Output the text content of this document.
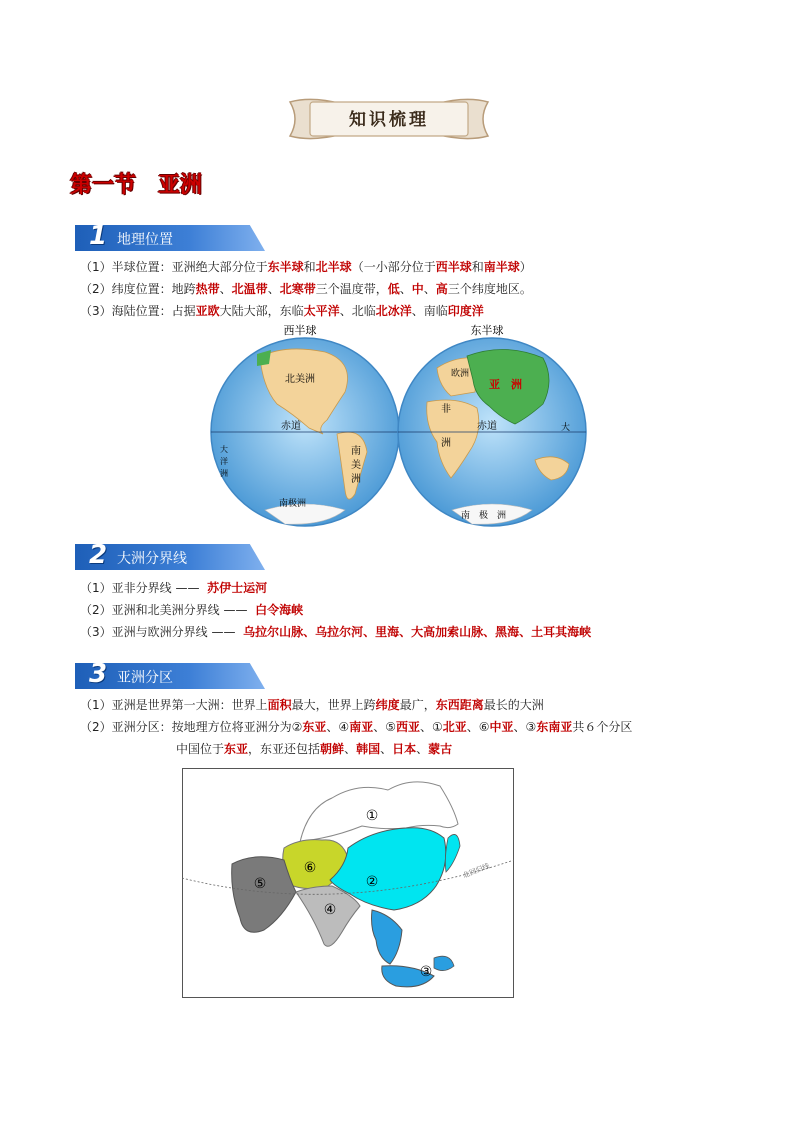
知识梳理
第一节　亚洲
1 地理位置
（1）半球位置：亚洲绝大部分位于东半球和北半球（一小部分位于西半球和南半球）
（2）纬度位置：地跨热带、北温带、北寒带三个温度带，低、中、高三个纬度地区。
（3）海陆位置：占据亚欧大陆大部，东临太平洋、北临北冰洋、南临印度洋
西半球	东半球
北美洲
南
美
洲
赤道
大
洋
洲
南极洲
欧洲
亚　洲
非
洲
赤道	大
南　极　洲
2 大洲分界线
（1）亚非分界线 —— 苏伊士运河
（2）亚洲和北美洲分界线 —— 白令海峡
（3）亚洲与欧洲分界线 —— 乌拉尔山脉、乌拉尔河、里海、大高加索山脉、黑海、土耳其海峡
3 亚洲分区
（1）亚洲是世界第一大洲：世界上面积最大，世界上跨纬度最广，东西距离最长的大洲
（2）亚洲分区：按地理方位将亚洲分为②东亚、④南亚、⑤西亚、①北亚、⑥中亚、③东南亚共６个分区
中国位于东亚，东亚还包括朝鲜、韩国、日本、蒙古
北回归线
①
②
③
④
⑤
⑥
